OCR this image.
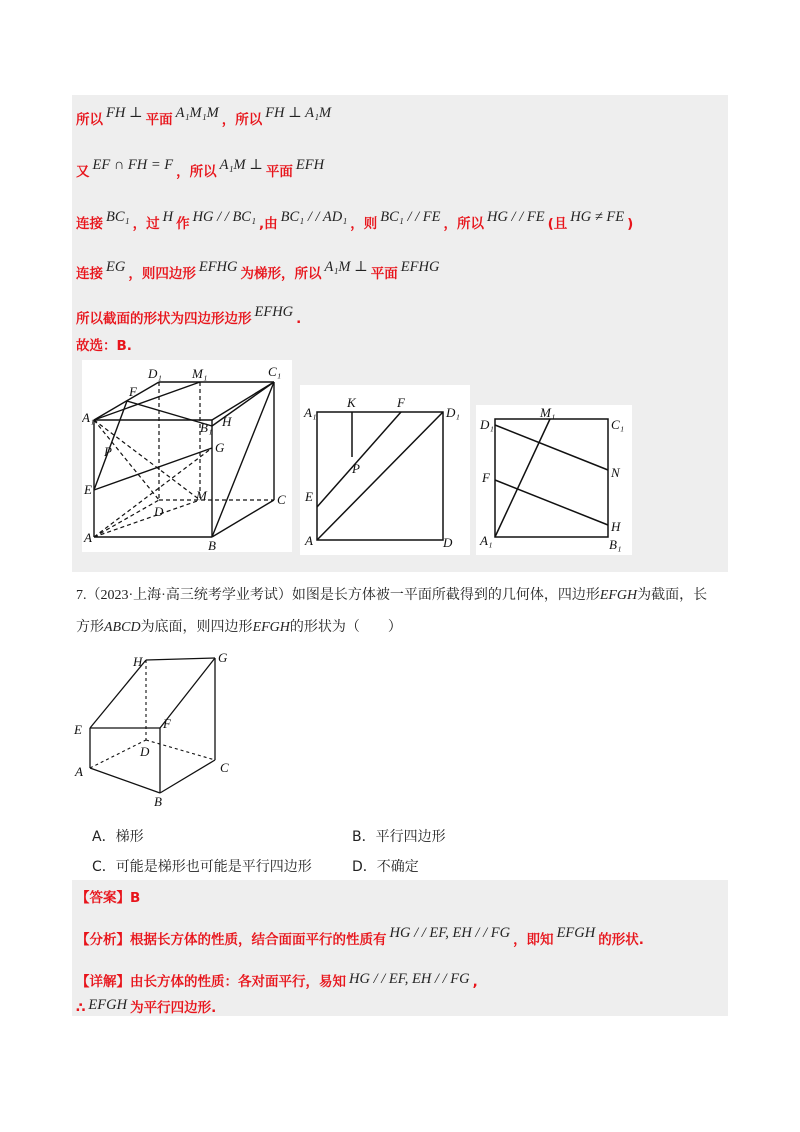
所以 FH ⊥ 平面 A₁M₁M ，所以 FH ⊥ A₁M
又 EF ∩ FH = F ，所以 A₁M ⊥ 平面 EFH
连接 BC₁ ，过 H 作 HG / / BC₁ ,由 BC₁ / / AD₁ ，则 BC₁ / / FE ，所以 HG / / FE (且 HG ≠ FE )
连接 EG ，则四边形 EFHG 为梯形，所以 A₁M ⊥ 平面 EFHG
所以截面的形状为四边形边形 EFHG .
故选：B.
D₁ M₁	C₁
F
A₁	H
B₁
G
P
E	M
D
C
A
B
A₁
K	F
D₁
P
E
A	D
D₁
M₁
C₁
F	N
H
A₁	B₁
7.（2023·上海·高三统考学业考试）如图是长方体被一平面所截得到的几何体，四边形EFGH为截面，长
方形ABCD为底面，则四边形EFGH的形状为（　　）
H	G
E	F
D
A	C
B
A．梯形	B．平行四边形
C．可能是梯形也可能是平行四边形	D．不确定
【答案】B
【分析】根据长方体的性质，结合面面平行的性质有 HG / / EF, EH / / FG ，即知 EFGH 的形状.
【详解】由长方体的性质：各对面平行，易知 HG / / EF, EH / / FG ,
∴ EFGH 为平行四边形.
